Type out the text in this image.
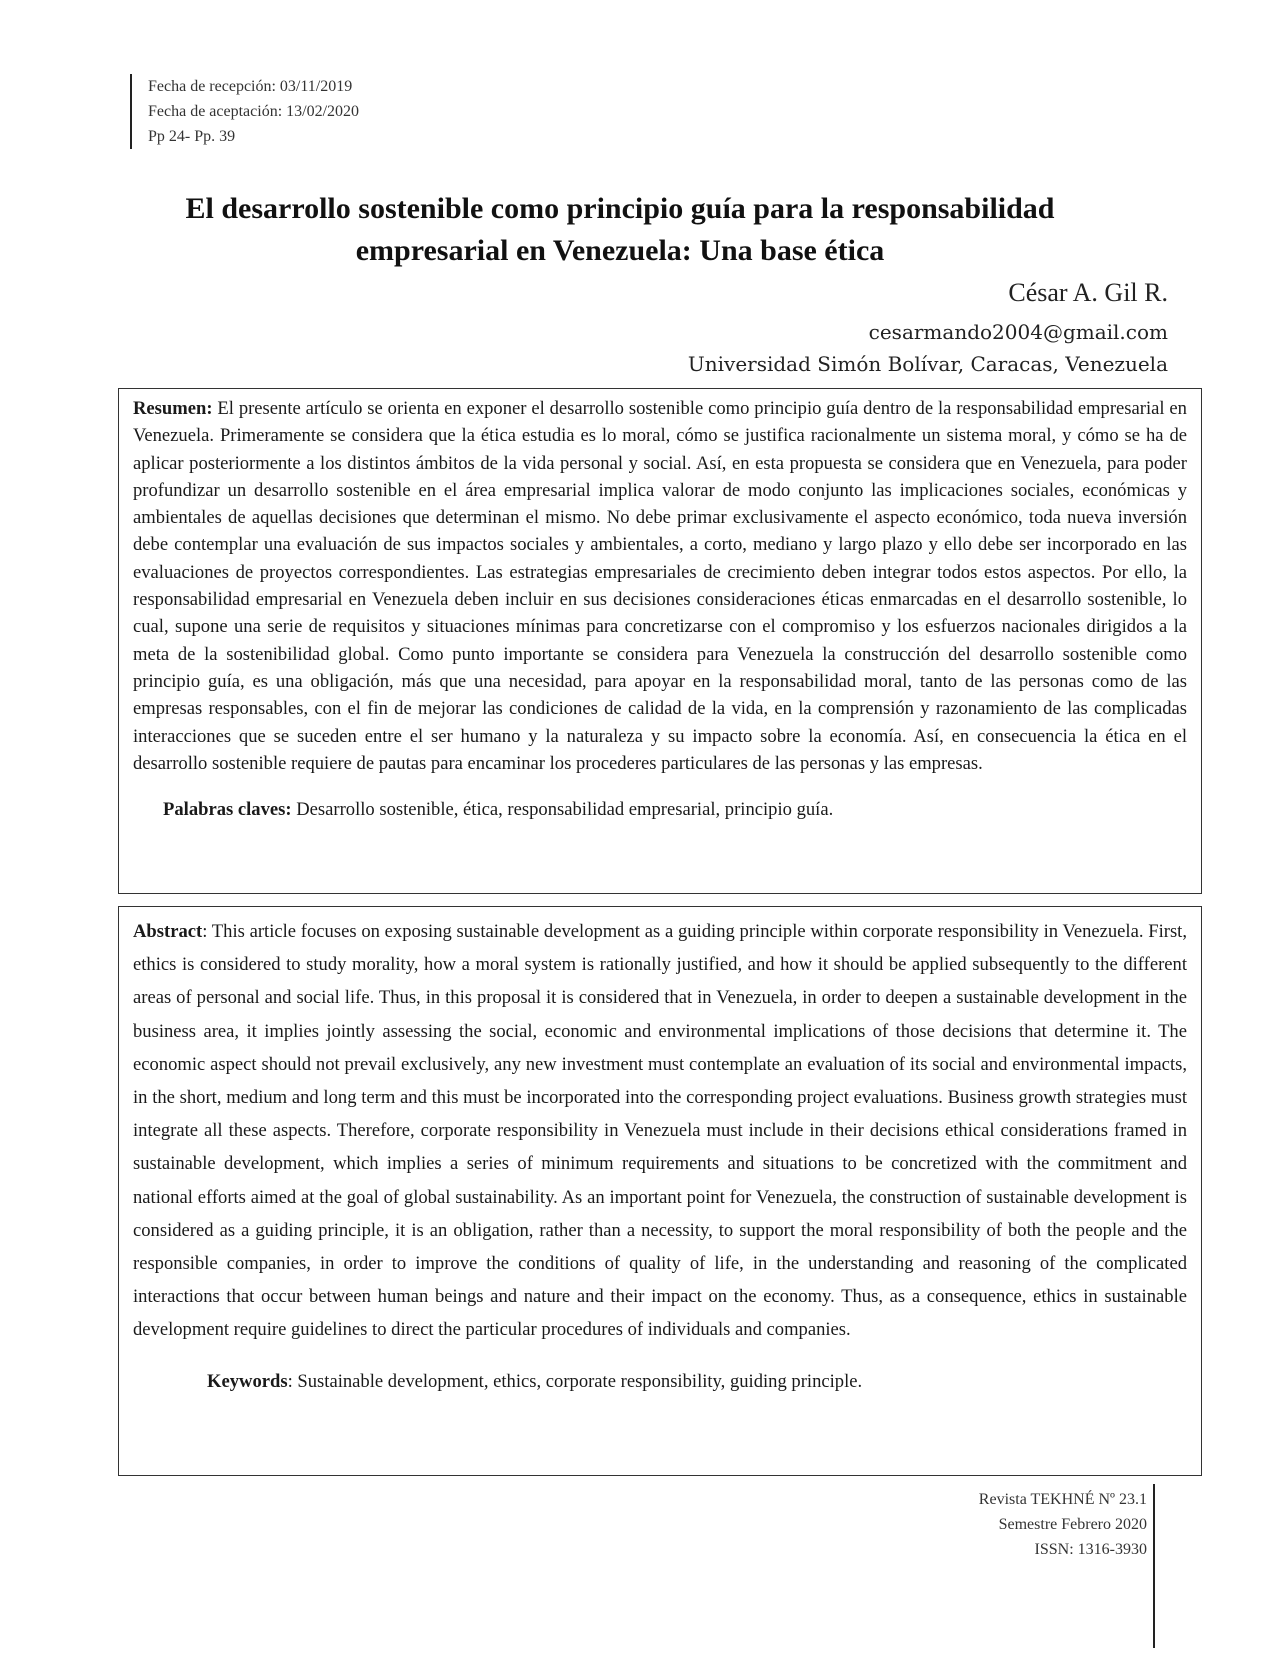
Fecha de recepción: 03/11/2019
Fecha de aceptación: 13/02/2020
Pp 24- Pp. 39
El desarrollo sostenible como principio guía para la responsabilidad
empresarial en Venezuela: Una base ética
César A. Gil R.
cesarmando2004@gmail.com
Universidad Simón Bolívar, Caracas, Venezuela

Resumen: El presente artículo se orienta en exponer el desarrollo sostenible como principio guía dentro de la responsabilidad empresarial en Venezuela. Primeramente se considera que la ética estudia es lo moral, cómo se justifica racionalmente un sistema moral, y cómo se ha de aplicar posteriormente a los distintos ámbitos de la vida personal y social. Así, en esta propuesta se considera que en Venezuela, para poder profundizar un desarrollo sostenible en el área empresarial implica valorar de modo conjunto las implicaciones sociales, económicas y ambientales de aquellas decisiones que determinan el mismo. No debe primar exclusivamente el aspecto económico, toda nueva inversión debe contemplar una evaluación de sus impactos sociales y ambientales, a corto, mediano y largo plazo y ello debe ser incorporado en las evaluaciones de proyectos correspondientes. Las estrategias empresariales de crecimiento deben integrar todos estos aspectos. Por ello, la responsabilidad empresarial en Venezuela deben incluir en sus decisiones consideraciones éticas enmarcadas en el desarrollo sostenible, lo cual, supone una serie de requisitos y situaciones mínimas para concretizarse con el compromiso y los esfuerzos nacionales dirigidos a la meta de la sostenibilidad global. Como punto importante se considera para Venezuela la construcción del desarrollo sostenible como principio guía, es una obligación, más que una necesidad, para apoyar en la responsabilidad moral, tanto de las personas como de las empresas responsables, con el fin de mejorar las condiciones de calidad de la vida, en la comprensión y razonamiento de las complicadas interacciones que se suceden entre el ser humano y la naturaleza y su impacto sobre la economía. Así, en consecuencia la ética en el desarrollo sostenible requiere de pautas para encaminar los procederes particulares de las personas y las empresas.

Palabras claves: Desarrollo sostenible, ética, responsabilidad empresarial, principio guía.

Abstract: This article focuses on exposing sustainable development as a guiding principle within corporate responsibility in Venezuela. First, ethics is considered to study morality, how a moral system is rationally justified, and how it should be applied subsequently to the different areas of personal and social life. Thus, in this proposal it is considered that in Venezuela, in order to deepen a sustainable development in the business area, it implies jointly assessing the social, economic and environmental implications of those decisions that determine it. The economic aspect should not prevail exclusively, any new investment must contemplate an evaluation of its social and environmental impacts, in the short, medium and long term and this must be incorporated into the corresponding project evaluations. Business growth strategies must integrate all these aspects. Therefore, corporate responsibility in Venezuela must include in their decisions ethical considerations framed in sustainable development, which implies a series of minimum requirements and situations to be concretized with the commitment and national efforts aimed at the goal of global sustainability. As an important point for Venezuela, the construction of sustainable development is considered as a guiding principle, it is an obligation, rather than a necessity, to support the moral responsibility of both the people and the responsible companies, in order to improve the conditions of quality of life, in the understanding and reasoning of the complicated interactions that occur between human beings and nature and their impact on the economy. Thus, as a consequence, ethics in sustainable development require guidelines to direct the particular procedures of individuals and companies.

Keywords: Sustainable development, ethics, corporate responsibility, guiding principle.
Revista TEKHNÉ Nº 23.1
Semestre Febrero 2020
ISSN: 1316-3930
